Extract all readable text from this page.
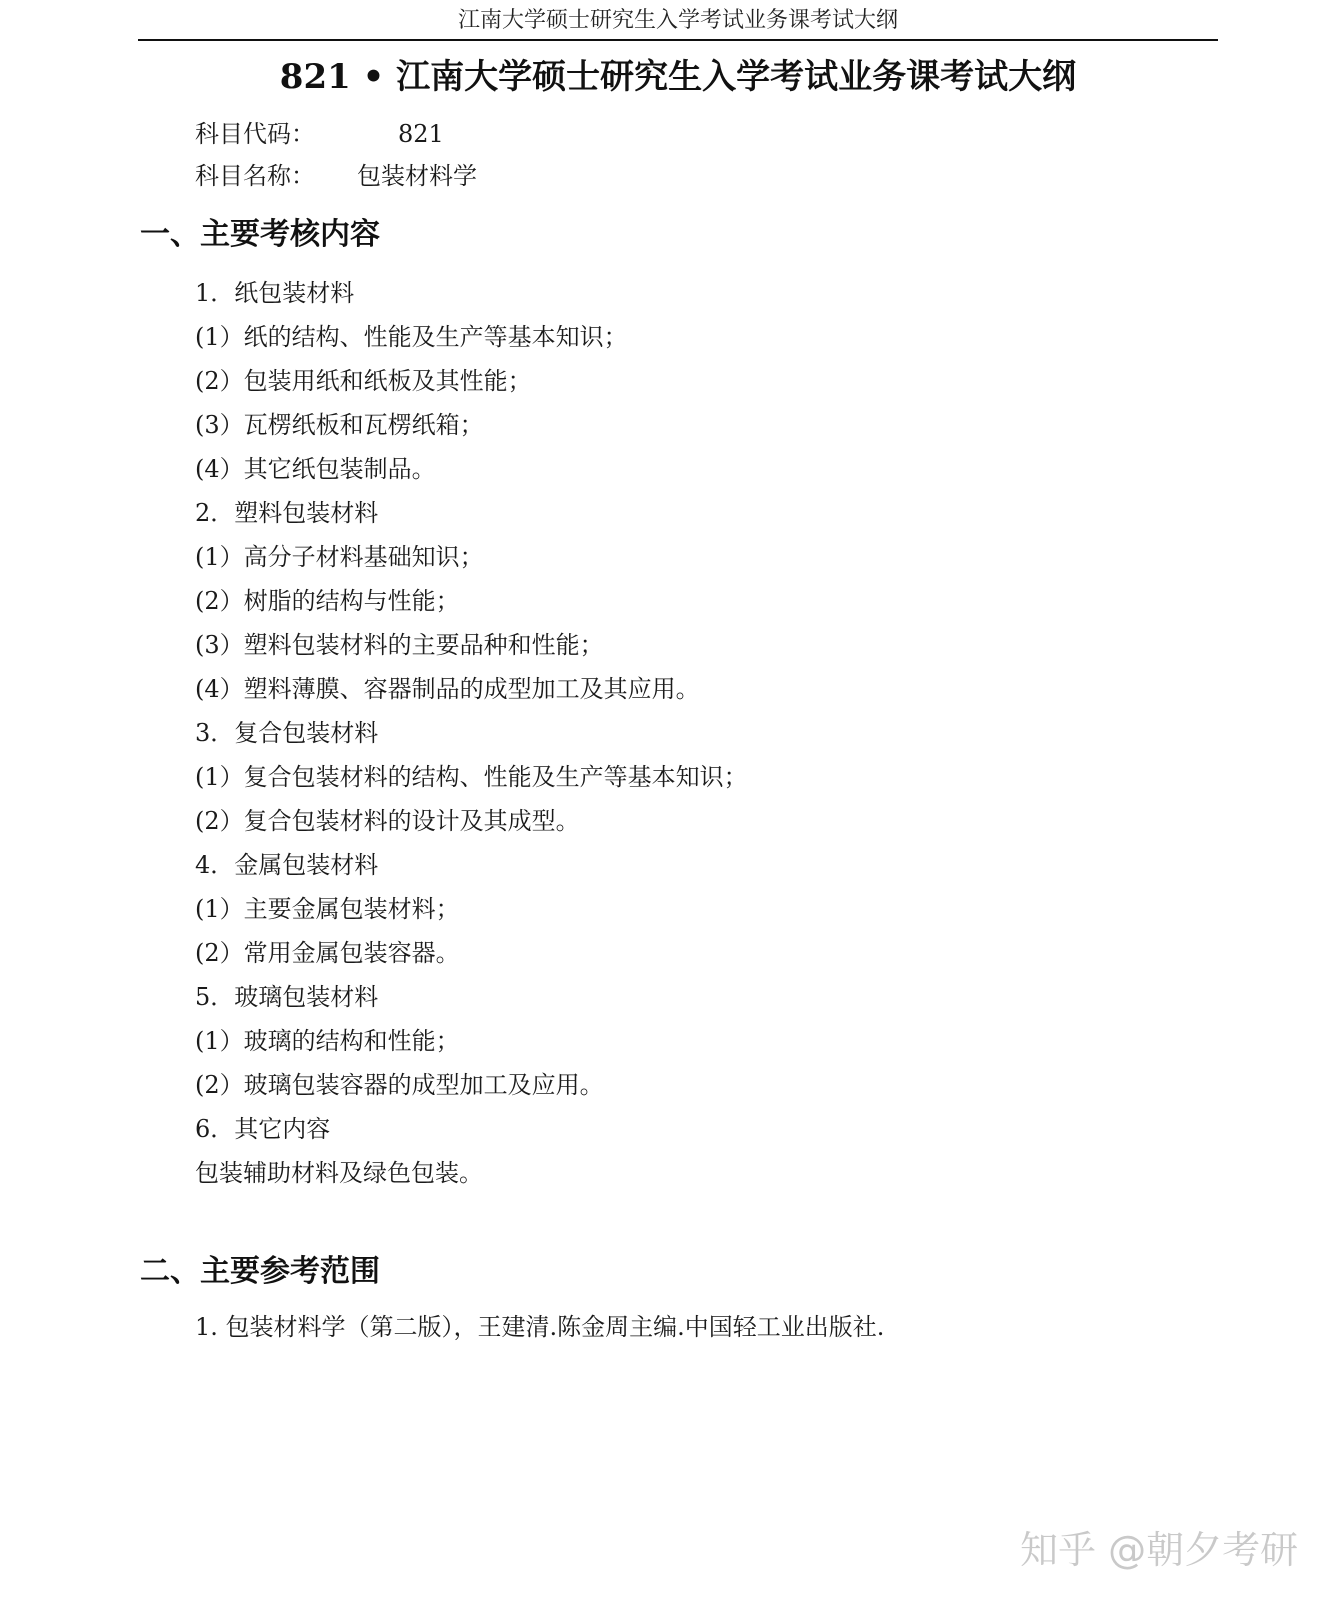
江南大学硕士研究生入学考试业务课考试大纲
821 • 江南大学硕士研究生入学考试业务课考试大纲
科目代码：	821
科目名称： 包装材料学
一、主要考核内容
1．纸包装材料
(1）纸的结构、性能及生产等基本知识；
(2）包装用纸和纸板及其性能；
(3）瓦楞纸板和瓦楞纸箱；
(4）其它纸包装制品。
2．塑料包装材料
(1）高分子材料基础知识；
(2）树脂的结构与性能；
(3）塑料包装材料的主要品种和性能；
(4）塑料薄膜、容器制品的成型加工及其应用。
3．复合包装材料
(1）复合包装材料的结构、性能及生产等基本知识；
(2）复合包装材料的设计及其成型。
4．金属包装材料
(1）主要金属包装材料；
(2）常用金属包装容器。
5．玻璃包装材料
(1）玻璃的结构和性能；
(2）玻璃包装容器的成型加工及应用。
6．其它内容
包装辅助材料及绿色包装。
二、主要参考范围
1. 包装材料学（第二版），王建清.陈金周主编.中国轻工业出版社.
知乎 @朝夕考研
